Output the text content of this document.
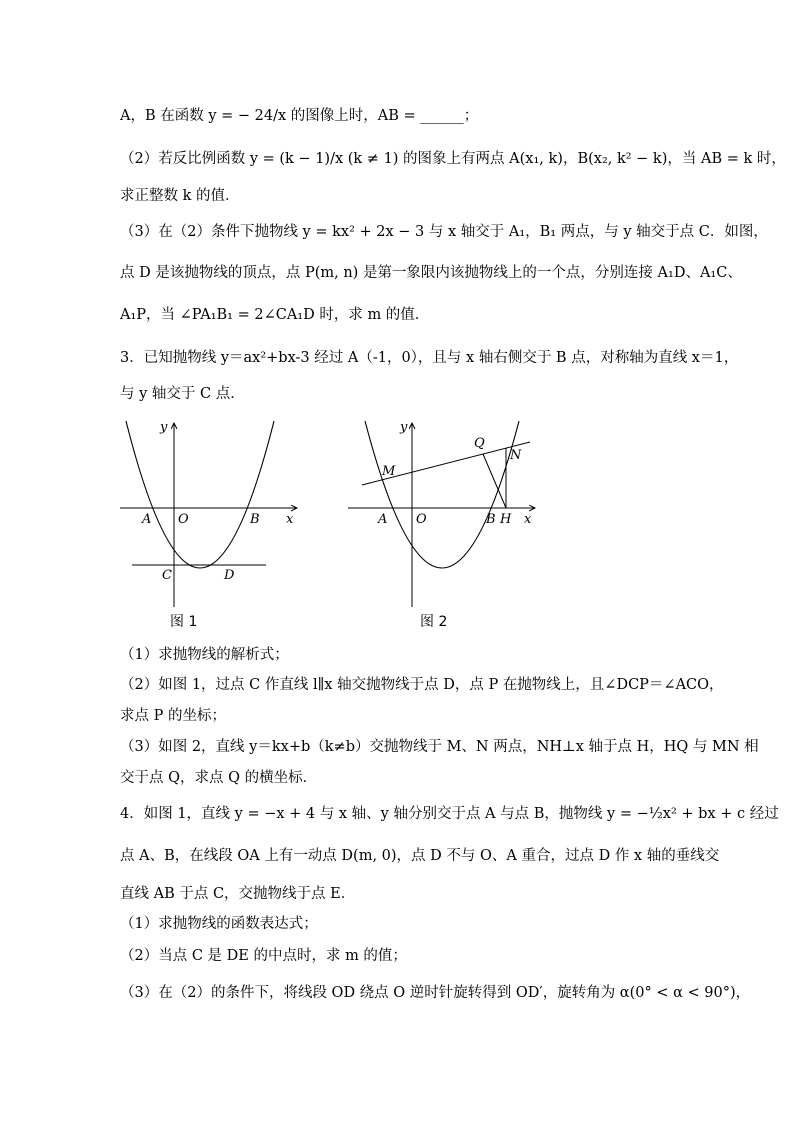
A，B 在函数 y = − 24/x 的图像上时，AB = ______；
（2）若反比例函数 y = (k − 1)/x (k ≠ 1) 的图象上有两点 A(x₁, k)，B(x₂, k² − k)，当 AB = k 时，
求正整数 k 的值．
（3）在（2）条件下抛物线 y = kx² + 2x − 3 与 x 轴交于 A₁，B₁ 两点，与 y 轴交于点 C．如图，
点 D 是该抛物线的顶点，点 P(m, n) 是第一象限内该抛物线上的一个点，分别连接 A₁D、A₁C、
A₁P，当 ∠PA₁B₁ = 2∠CA₁D 时，求 m 的值．
3．已知抛物线 y＝ax²+bx-3 经过 A（-1，0），且与 x 轴右侧交于 B 点，对称轴为直线 x＝1，
与 y 轴交于 C 点．
y
x
A O	B
C	D
图 1
y
x
A O	B H
M
N
Q
图 2
（1）求抛物线的解析式；
（2）如图 1，过点 C 作直线 l∥x 轴交抛物线于点 D，点 P 在抛物线上，且∠DCP＝∠ACO，
求点 P 的坐标；
（3）如图 2，直线 y＝kx+b（k≠b）交抛物线于 M、N 两点，NH⊥x 轴于点 H，HQ 与 MN 相
交于点 Q，求点 Q 的横坐标．
4．如图 1，直线 y = −x + 4 与 x 轴、y 轴分别交于点 A 与点 B，抛物线 y = −½x² + bx + c 经过
点 A、B，在线段 OA 上有一动点 D(m, 0)，点 D 不与 O、A 重合，过点 D 作 x 轴的垂线交
直线 AB 于点 C，交抛物线于点 E．
（1）求抛物线的函数表达式；
（2）当点 C 是 DE 的中点时，求 m 的值；
（3）在（2）的条件下，将线段 OD 绕点 O 逆时针旋转得到 OD′，旋转角为 α(0° < α < 90°)，
